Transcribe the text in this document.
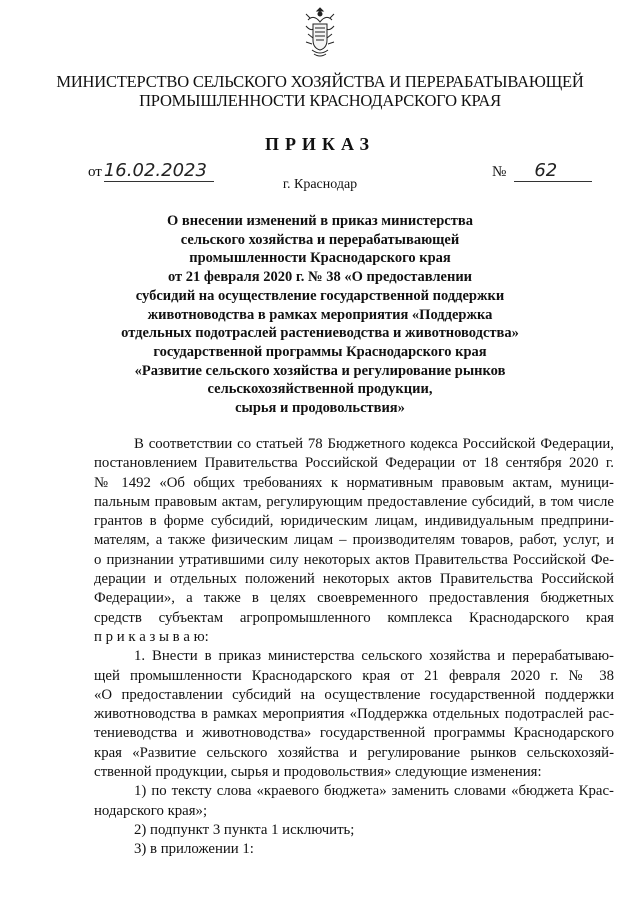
МИНИСТЕРСТВО СЕЛЬСКОГО ХОЗЯЙСТВА И ПЕРЕРАБАТЫВАЮЩЕЙ
ПРОМЫШЛЕННОСТИ КРАСНОДАРСКОГО КРАЯ
ПРИКАЗ
от 16.02.2023	№ 62
г. Краснодар
О внесении изменений в приказ министерства
сельского хозяйства и перерабатывающей
промышленности Краснодарского края
от 21 февраля 2020 г. № 38 «О предоставлении
субсидий на осуществление государственной поддержки
животноводства в рамках мероприятия «Поддержка
отдельных подотраслей растениеводства и животноводства»
государственной программы Краснодарского края
«Развитие сельского хозяйства и регулирование рынков
сельскохозяйственной продукции,
сырья и продовольствия»

В соответствии со статьей 78 Бюджетного кодекса Российской Федерации,

постановлением Правительства Российской Федерации от 18 сентября 2020 г.

№ 1492 «Об общих требованиях к нормативным правовым актам, муници-

пальным правовым актам, регулирующим предоставление субсидий, в том числе

грантов в форме субсидий, юридическим лицам, индивидуальным предприни-

мателям, а также физическим лицам – производителям товаров, работ, услуг, и

о признании утратившими силу некоторых актов Правительства Российской Фе-

дерации и отдельных положений некоторых актов Правительства Российской

Федерации», а также в целях своевременного предоставления бюджетных

средств субъектам агропромышленного комплекса Краснодарского края

п р и к а з ы в а ю:

1. Внести в приказ министерства сельского хозяйства и перерабатываю-

щей промышленности Краснодарского края от 21 февраля 2020 г. № 38

«О предоставлении субсидий на осуществление государственной поддержки

животноводства в рамках мероприятия «Поддержка отдельных подотраслей рас-

тениеводства и животноводства» государственной программы Краснодарского

края «Развитие сельского хозяйства и регулирование рынков сельскохозяй-

ственной продукции, сырья и продовольствия» следующие изменения:

1) по тексту слова «краевого бюджета» заменить словами «бюджета Крас-

нодарского края»;

2) подпункт 3 пункта 1 исключить;

3) в приложении 1:
